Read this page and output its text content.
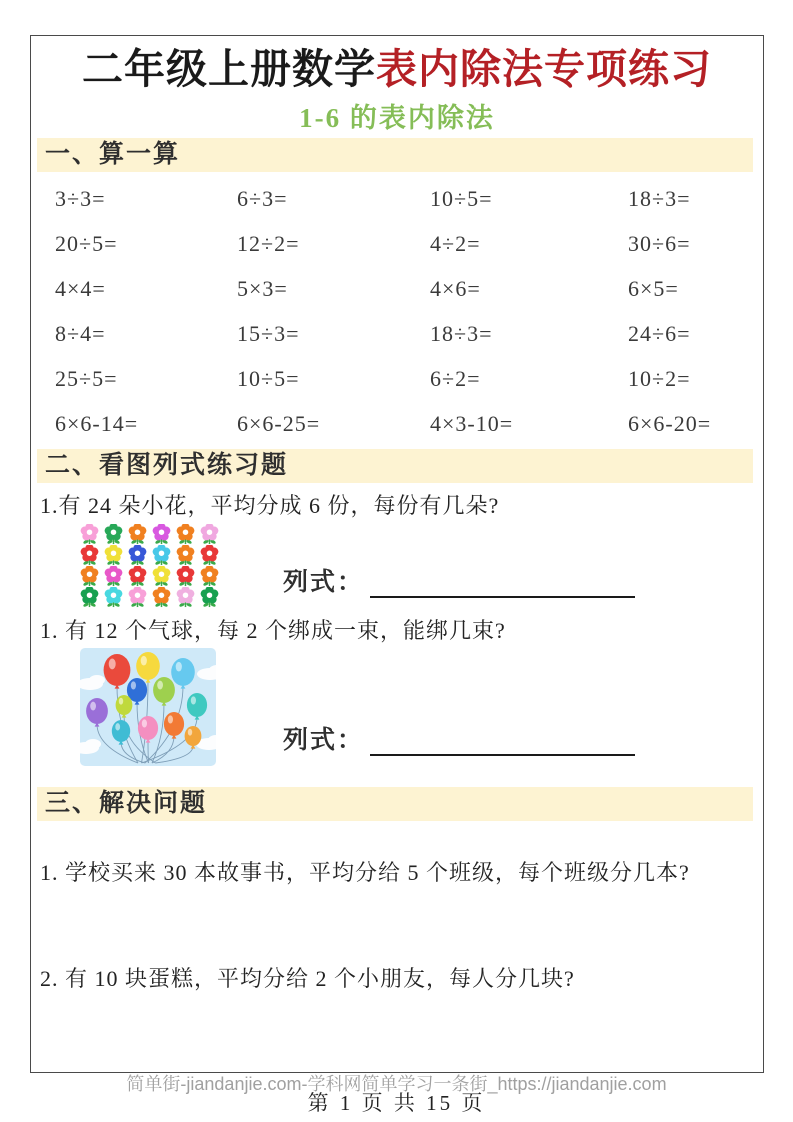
二年级上册数学表内除法专项练习
1-6 的表内除法
一、算一算
3÷3=	6÷3=	10÷5=	18÷3=
20÷5=	12÷2=	4÷2=	30÷6=
4×4=	5×3=	4×6=	6×5=
8÷4=	15÷3=	18÷3=	24÷6=
25÷5=	10÷5=	6÷2=	10÷2=
6×6-14=	6×6-25=	4×3-10=	6×6-20=
二、看图列式练习题
1.有 24 朵小花，平均分成 6 份，每份有几朵?
列式：
1. 有 12 个气球，每 2 个绑成一束，能绑几束?
列式：
三、解决问题
1. 学校买来 30 本故事书，平均分给 5 个班级，每个班级分几本?
2. 有 10 块蛋糕，平均分给 2 个小朋友，每人分几块?
简单街-jiandanjie.com-学科网简单学习一条街_https://jiandanjie.com
第 1 页 共 15 页
